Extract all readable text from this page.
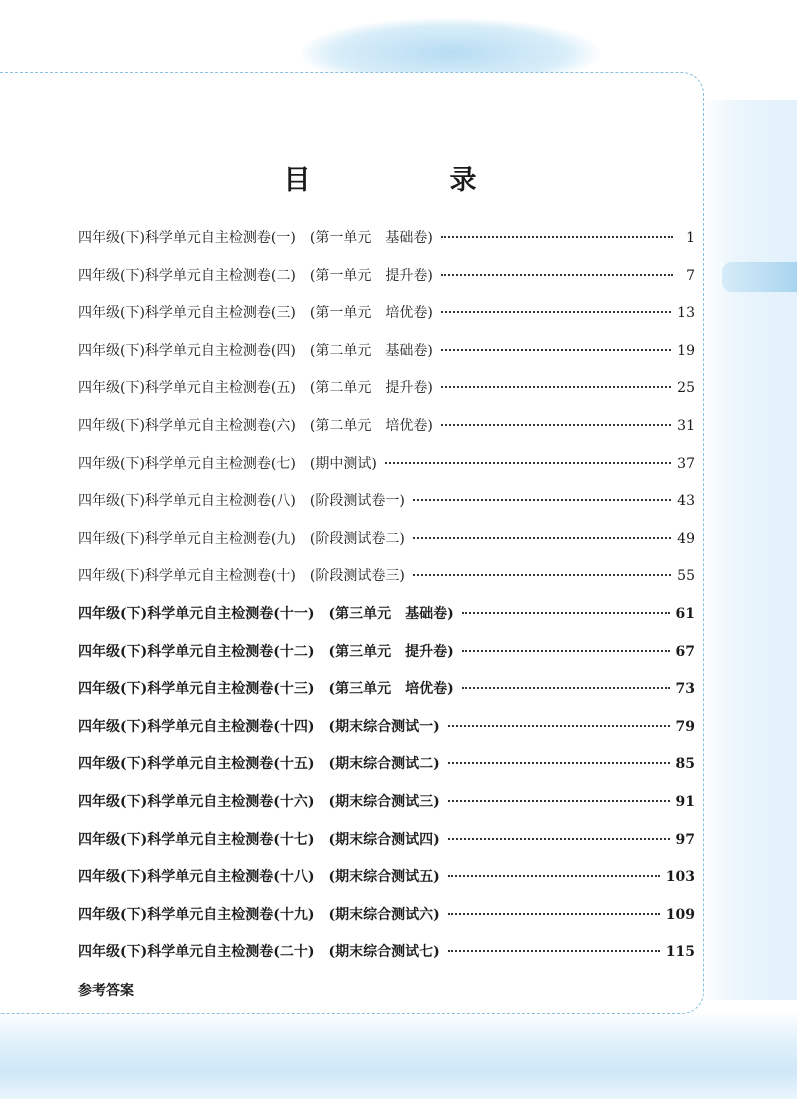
目　录
四年级(下)科学单元自主检测卷(一) (第一单元　基础卷)	1
四年级(下)科学单元自主检测卷(二) (第一单元　提升卷)	7
四年级(下)科学单元自主检测卷(三) (第一单元　培优卷)	13
四年级(下)科学单元自主检测卷(四) (第二单元　基础卷)	19
四年级(下)科学单元自主检测卷(五) (第二单元　提升卷)	25
四年级(下)科学单元自主检测卷(六) (第二单元　培优卷)	31
四年级(下)科学单元自主检测卷(七) (期中测试)	37
四年级(下)科学单元自主检测卷(八) (阶段测试卷一)	43
四年级(下)科学单元自主检测卷(九) (阶段测试卷二)	49
四年级(下)科学单元自主检测卷(十) (阶段测试卷三)	55
四年级(下)科学单元自主检测卷(十一) (第三单元　基础卷)	61
四年级(下)科学单元自主检测卷(十二) (第三单元　提升卷)	67
四年级(下)科学单元自主检测卷(十三) (第三单元　培优卷)	73
四年级(下)科学单元自主检测卷(十四) (期末综合测试一)	79
四年级(下)科学单元自主检测卷(十五) (期末综合测试二)	85
四年级(下)科学单元自主检测卷(十六) (期末综合测试三)	91
四年级(下)科学单元自主检测卷(十七) (期末综合测试四)	97
四年级(下)科学单元自主检测卷(十八) (期末综合测试五)	103
四年级(下)科学单元自主检测卷(十九) (期末综合测试六)	109
四年级(下)科学单元自主检测卷(二十) (期末综合测试七)	115
参考答案
